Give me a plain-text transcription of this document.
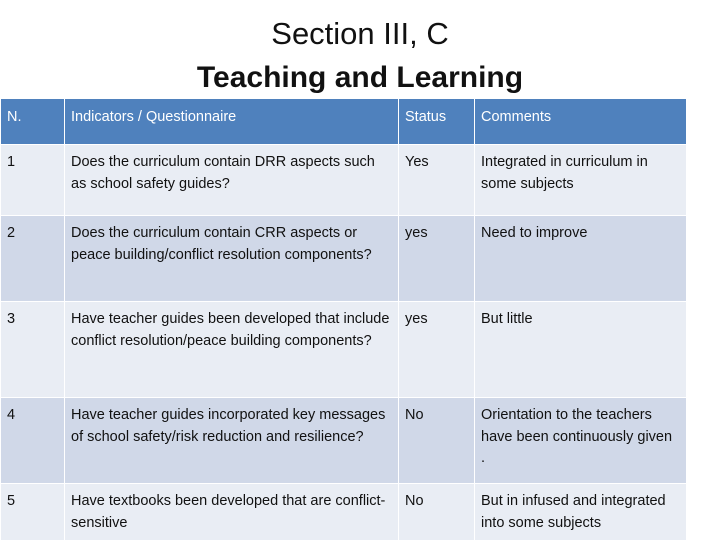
Section III, C
Teaching and Learning
N.	Indicators / Questionnaire	Status	Comments
1	Does the curriculum contain DRR aspects such as school safety guides?	Yes	Integrated in curriculum in some subjects
2	Does the curriculum contain CRR aspects or peace building/conflict resolution components?	yes	Need to improve
3	Have teacher guides been developed that include conflict resolution/peace building components?	yes	But little
4	Have teacher guides incorporated key messages of school safety/risk reduction and resilience?	No	Orientation to the teachers have been continuously given .
5	Have textbooks been developed that are conflict-sensitive	No	But in infused and integrated into some subjects
